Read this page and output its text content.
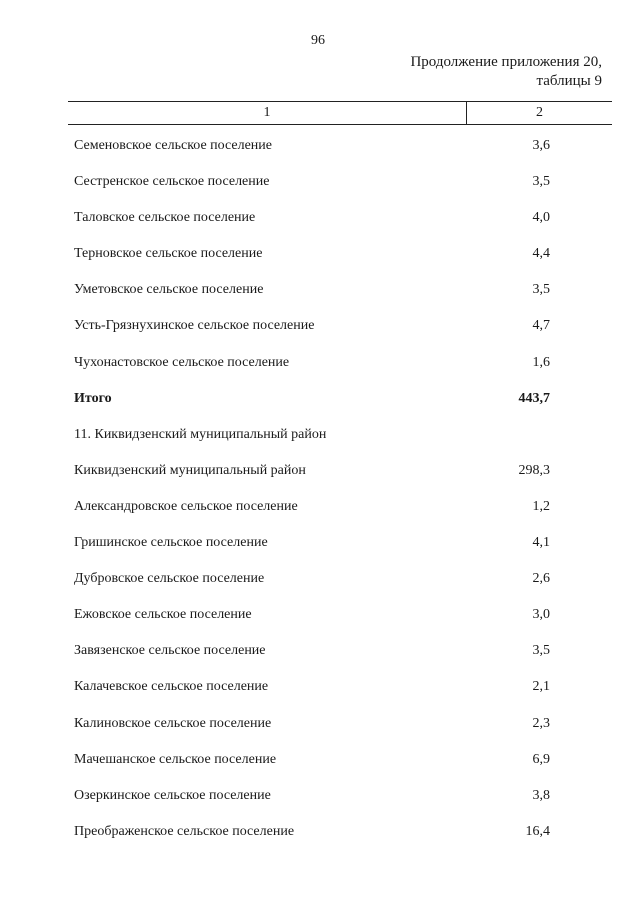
96
Продолжение приложения 20,
таблицы 9
1	2
Семеновское сельское поселение	3,6
Сестренское сельское поселение	3,5
Таловское сельское поселение	4,0
Терновское сельское поселение	4,4
Уметовское сельское поселение	3,5
Усть-Грязнухинское сельское поселение	4,7
Чухонастовское сельское поселение	1,6
Итого	443,7
11. Киквидзенский муниципальный район
Киквидзенский муниципальный район	298,3
Александровское сельское поселение	1,2
Гришинское сельское поселение	4,1
Дубровское сельское поселение	2,6
Ежовское сельское поселение	3,0
Завязенское сельское поселение	3,5
Калачевское сельское поселение	2,1
Калиновское сельское поселение	2,3
Мачешанское сельское поселение	6,9
Озеркинское сельское поселение	3,8
Преображенское сельское поселение	16,4
